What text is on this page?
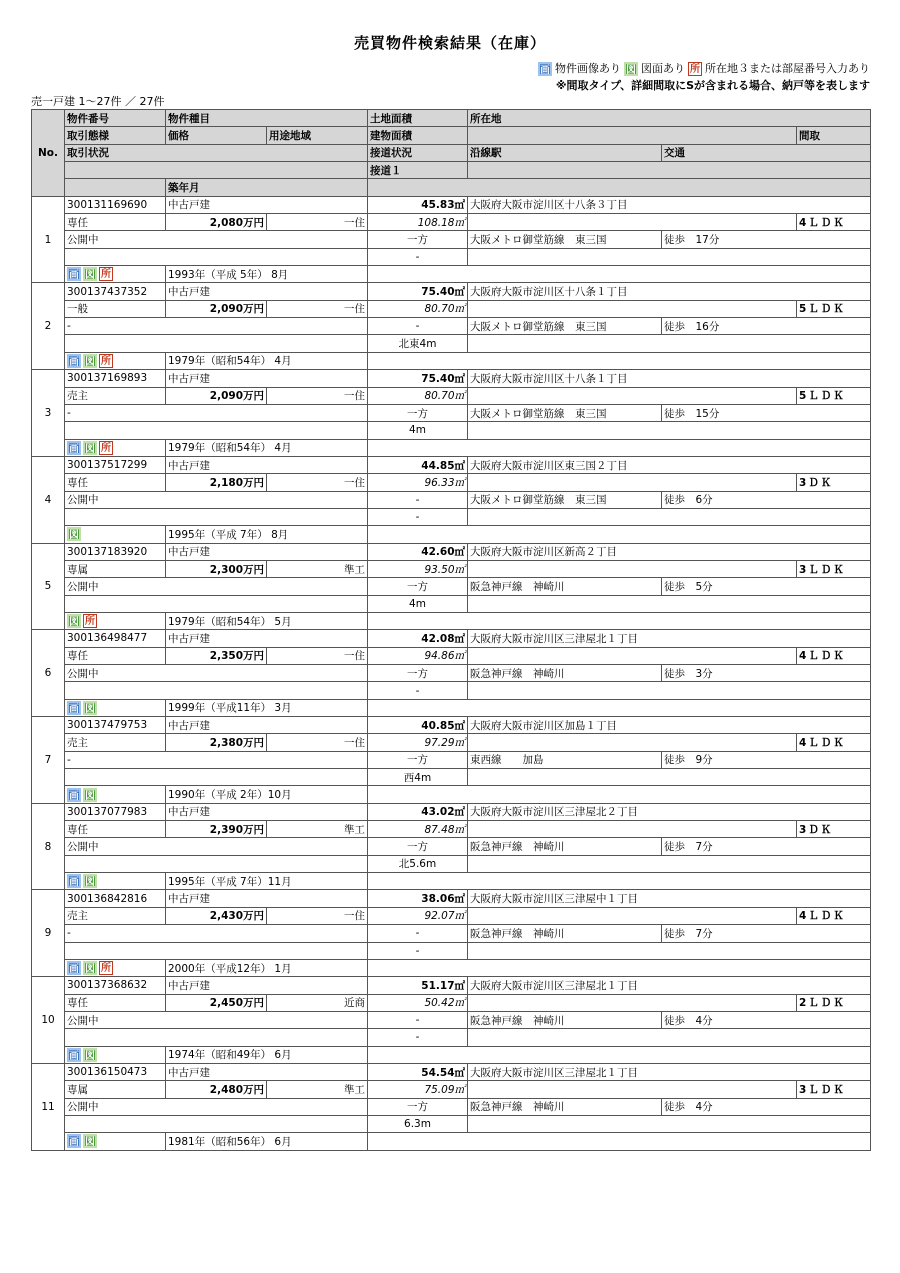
売買物件検索結果（在庫）
画 物件画像あり 図 図面あり 所 所在地３または部屋番号入力あり
※間取タイプ、詳細間取にSが含まれる場合、納戸等を表します
売一戸建 1〜27件 ／ 27件
No.	物件番号	物件種目		土地面積	所在地		
	取引態様	価格	用途地域	建物面積			間取
	取引状況			接道状況	沿線駅	交通	
				接道１			
		築年月					
1	300131169690	中古戸建		45.83㎡	大阪府大阪市淀川区十八条３丁目		
	専任	2,080万円	一住	108.18㎡			4ＬＤＫ
	公開中			一方	大阪メトロ御堂筋線　東三国	徒歩　17分	
				-			
	画 図 所	1993年（平成 5年） 8月					
2	300137437352	中古戸建		75.40㎡	大阪府大阪市淀川区十八条１丁目		
	一般	2,090万円	一住	80.70㎡			5ＬＤＫ
	-			-	大阪メトロ御堂筋線　東三国	徒歩　16分	
				北東4m			
	画 図 所	1979年（昭和54年） 4月					
3	300137169893	中古戸建		75.40㎡	大阪府大阪市淀川区十八条１丁目		
	売主	2,090万円	一住	80.70㎡			5ＬＤＫ
	-			一方	大阪メトロ御堂筋線　東三国	徒歩　15分	
				4m			
	画 図 所	1979年（昭和54年） 4月					
4	300137517299	中古戸建		44.85㎡	大阪府大阪市淀川区東三国２丁目		
	専任	2,180万円	一住	96.33㎡			3ＤＫ
	公開中			-	大阪メトロ御堂筋線　東三国	徒歩　6分	
				-			
	図	1995年（平成 7年） 8月					
5	300137183920	中古戸建		42.60㎡	大阪府大阪市淀川区新高２丁目		
	専属	2,300万円	準工	93.50㎡			3ＬＤＫ
	公開中			一方	阪急神戸線　神崎川	徒歩　5分	
				4m			
	図 所	1979年（昭和54年） 5月					
6	300136498477	中古戸建		42.08㎡	大阪府大阪市淀川区三津屋北１丁目		
	専任	2,350万円	一住	94.86㎡			4ＬＤＫ
	公開中			一方	阪急神戸線　神崎川	徒歩　3分	
				-			
	画 図	1999年（平成11年） 3月					
7	300137479753	中古戸建		40.85㎡	大阪府大阪市淀川区加島１丁目		
	売主	2,380万円	一住	97.29㎡			4ＬＤＫ
	-			一方	東西線　　加島	徒歩　9分	
				西4m			
	画 図	1990年（平成 2年）10月					
8	300137077983	中古戸建		43.02㎡	大阪府大阪市淀川区三津屋北２丁目		
	専任	2,390万円	準工	87.48㎡			3ＤＫ
	公開中			一方	阪急神戸線　神崎川	徒歩　7分	
				北5.6m			
	画 図	1995年（平成 7年）11月					
9	300136842816	中古戸建		38.06㎡	大阪府大阪市淀川区三津屋中１丁目		
	売主	2,430万円	一住	92.07㎡			4ＬＤＫ
	-			-	阪急神戸線　神崎川	徒歩　7分	
				-			
	画 図 所	2000年（平成12年） 1月					
10	300137368632	中古戸建		51.17㎡	大阪府大阪市淀川区三津屋北１丁目		
	専任	2,450万円	近商	50.42㎡			2ＬＤＫ
	公開中			-	阪急神戸線　神崎川	徒歩　4分	
				-			
	画 図	1974年（昭和49年） 6月					
11	300136150473	中古戸建		54.54㎡	大阪府大阪市淀川区三津屋北１丁目		
	専属	2,480万円	準工	75.09㎡			3ＬＤＫ
	公開中			一方	阪急神戸線　神崎川	徒歩　4分	
				6.3m			
	画 図	1981年（昭和56年） 6月					
